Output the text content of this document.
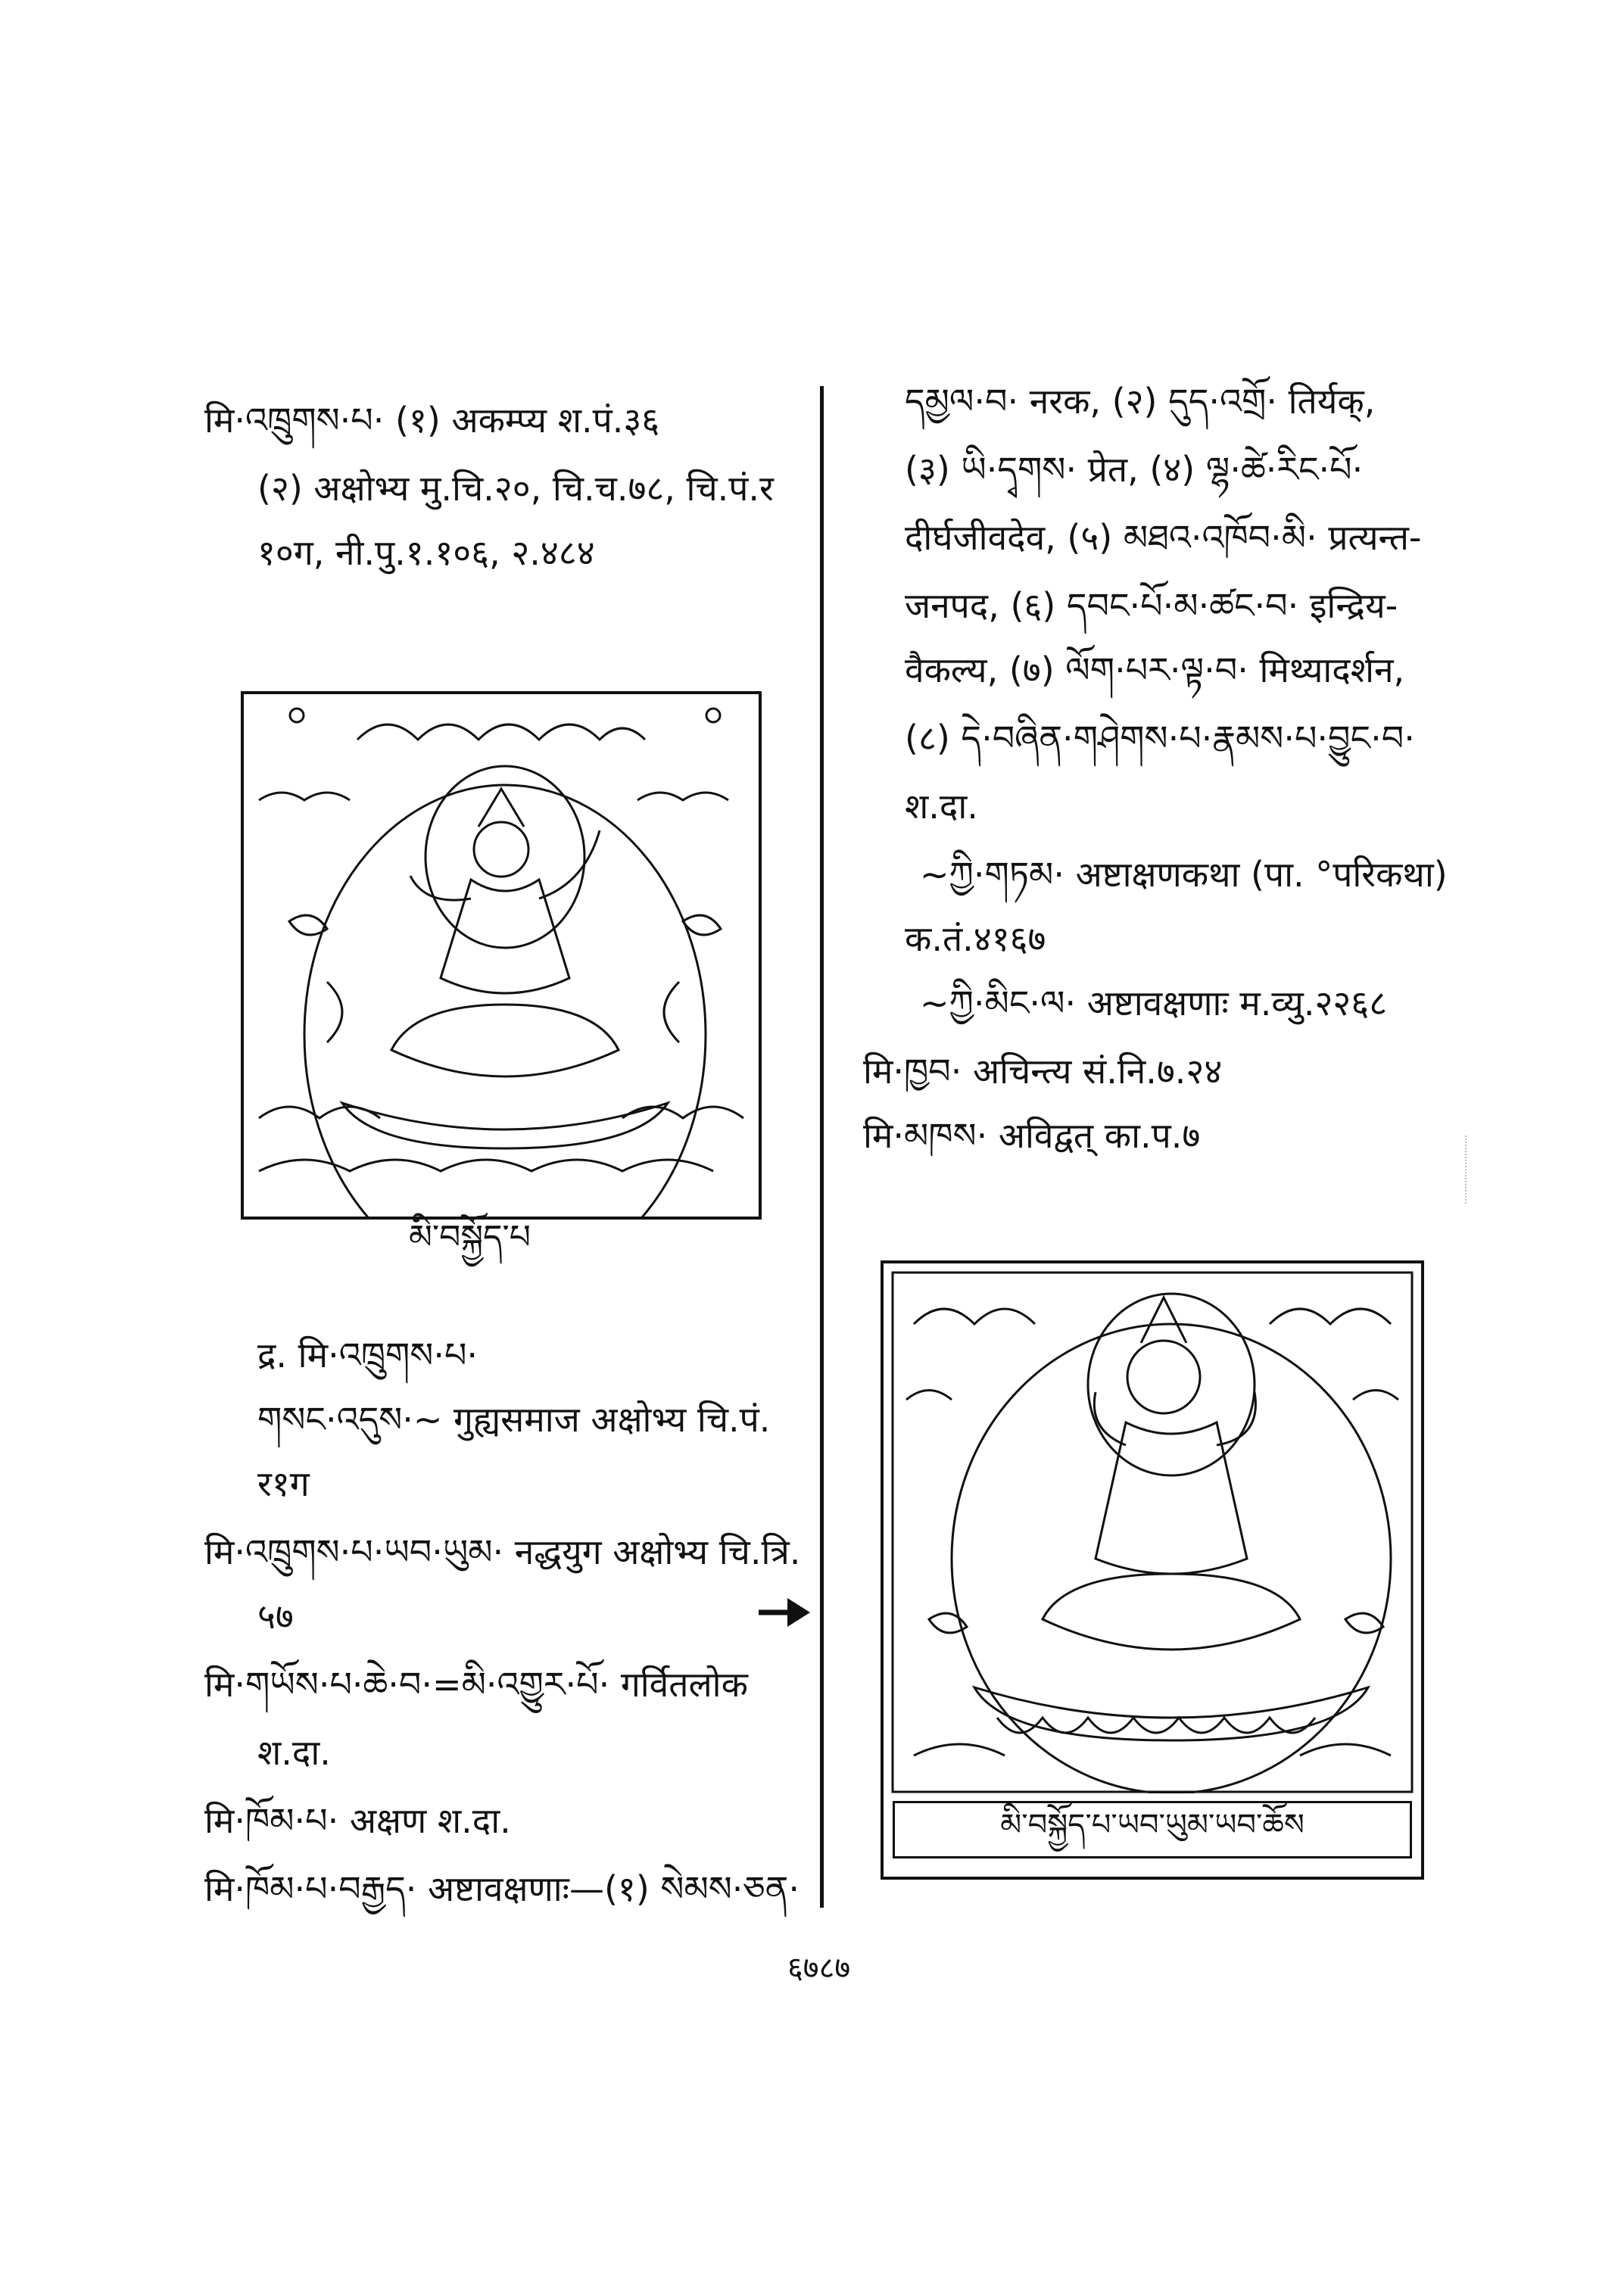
मि·འཁྲུགས·པ· (१) अकम्प्य श.पं.३६
(२) अक्षोभ्य मु.चि.२०, चि.च.७८, चि.पं.र
१०ग, नी.पु.१.१०६, २.४८४
མི་བསྐྱོད་པ
द्र. मि·འཁྲུགས·པ·
གསང·འདུས·~ गुह्यसमाज अक्षोभ्य चि.पं.
र१ग
मि·འཁྲུགས·པ·ཡབ·ཡུམ· नद्धयुग अक्षोभ्य चि.त्रि.
५७
मि·གཡོས·པ·ཆེ·བ·=མི·འགྱུར·པོ· गर्वितलोक
श.दा.
मि·ཁོམ·པ· अक्षण श.दा.
मि·ཁོམ·པ·བརྒྱད· अष्टावक्षणाः—(१) སེམས·ཅན·
དམྱལ·བ· नरक, (२) དུད·འགྲོ· तिर्यक्,
(३) ཡི·དྭགས· प्रेत, (४) ལྷ·ཚེ·རིང·པོ·
दीर्घजीवदेव, (५) མཐའ·འཁོབ·མི· प्रत्यन्त-
जनपद, (६) དབང·པོ·མ·ཚང·བ· इन्द्रिय-
वैकल्य, (७) ལོག·པར·ལྟ·བ· मिथ्यादर्शन,
(८) དེ·བཞིན·གཤེགས·པ·རྣམས·པ·བྱུང·བ·
श.दा.
~ཀྱི·གཏམ· अष्टाक्षणकथा (पा. °परिकथा)
क.तं.४१६७
~ཀྱི·མིང·ལ· अष्टावक्षणाः म.व्यु.२२६८
मि·ཁྱབ· अचिन्त्य सं.नि.७.२४
मि·མཁས· अविद्वत् का.प.७
མི་བསྐྱོད་པ་ཡབ་ཡུམ་ཡབ་ཆོས
६७८७
